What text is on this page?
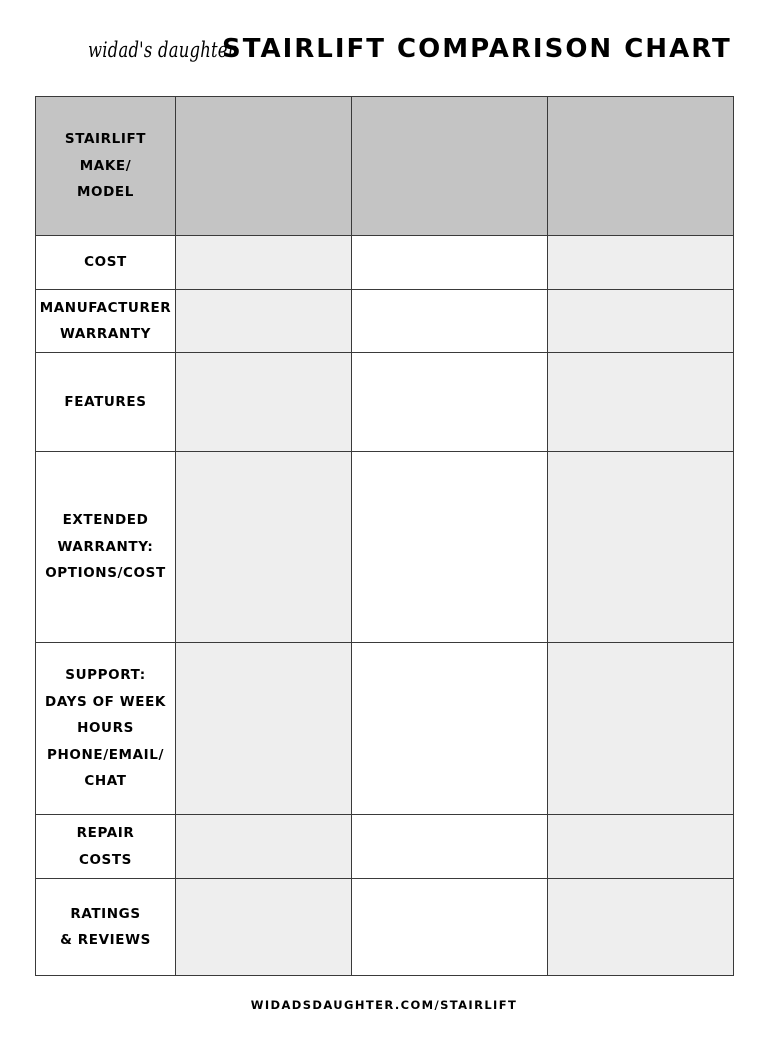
widad's daughter
STAIRLIFT COMPARISON CHART
STAIRLIFT
MAKE/
MODEL			

COST			

MANUFACTURER
WARRANTY			

FEATURES			

EXTENDED
WARRANTY:
OPTIONS/COST			

SUPPORT:
DAYS OF WEEK
HOURS
PHONE/EMAIL/
CHAT			

REPAIR
COSTS			

RATINGS
& REVIEWS			

WIDADSDAUGHTER.COM/STAIRLIFT
